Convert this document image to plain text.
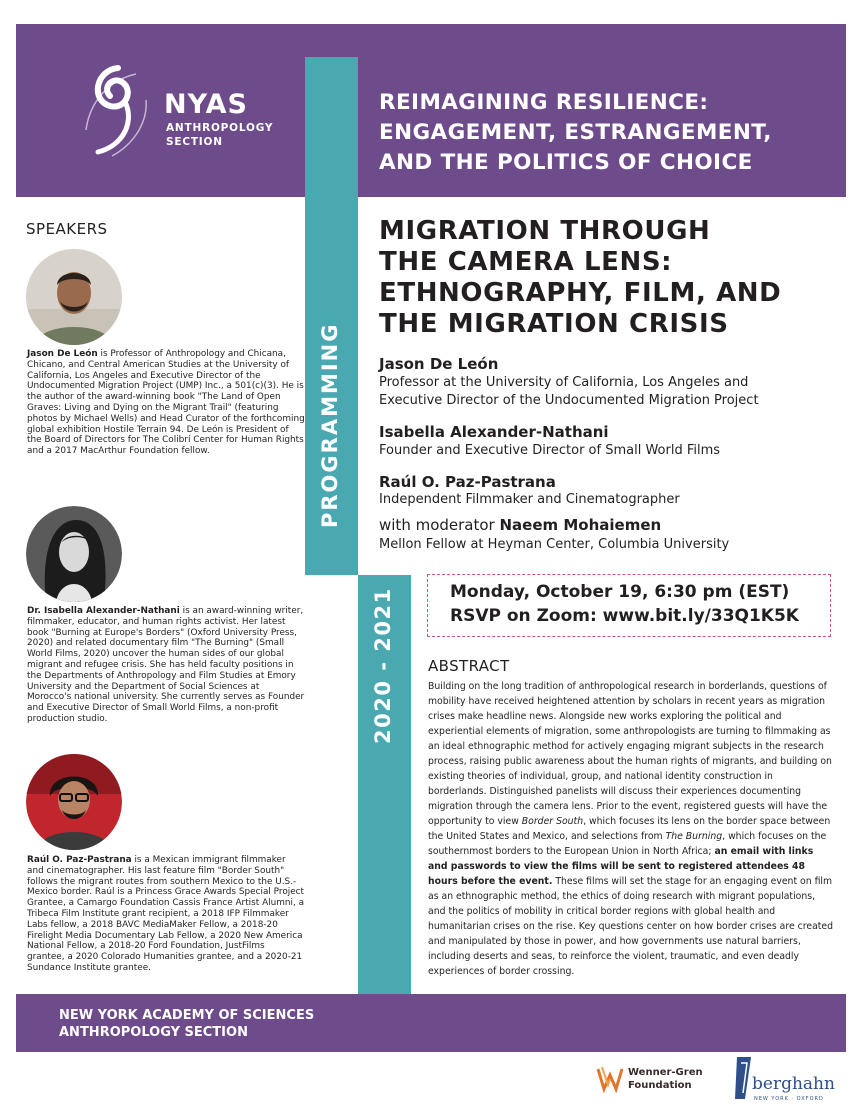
NYAS
ANTHROPOLOGY
SECTION
REIMAGINING RESILIENCE:
ENGAGEMENT, ESTRANGEMENT,
AND THE POLITICS OF CHOICE
PROGRAMMING
2020 - 2021
SPEAKERS
Jason De León is Professor of Anthropology and Chicana, Chicano, and Central American Studies at the University of California, Los Angeles and Executive Director of the Undocumented Migration Project (UMP) Inc., a 501(c)(3). He is the author of the award-winning book "The Land of Open Graves: Living and Dying on the Migrant Trail" (featuring photos by Michael Wells) and Head Curator of the forthcoming global exhibition Hostile Terrain 94. De León is President of the Board of Directors for The Colibrí Center for Human Rights and a 2017 MacArthur Foundation fellow.
Dr. Isabella Alexander-Nathani is an award-winning writer, filmmaker, educator, and human rights activist. Her latest book "Burning at Europe's Borders" (Oxford University Press, 2020) and related documentary film "The Burning" (Small World Films, 2020) uncover the human sides of our global migrant and refugee crisis. She has held faculty positions in the Departments of Anthropology and Film Studies at Emory University and the Department of Social Sciences at Morocco's national university. She currently serves as Founder and Executive Director of Small World Films, a non-profit production studio.
Raúl O. Paz-Pastrana is a Mexican immigrant filmmaker and cinematographer. His last feature film "Border South" follows the migrant routes from southern Mexico to the U.S.-Mexico border. Raúl is a Princess Grace Awards Special Project Grantee, a Camargo Foundation Cassis France Artist Alumni, a Tribeca Film Institute grant recipient, a 2018 IFP Filmmaker Labs fellow, a 2018 BAVC MediaMaker Fellow, a 2018-20 Firelight Media Documentary Lab Fellow, a 2020 New America National Fellow, a 2018-20 Ford Foundation, JustFilms grantee, a 2020 Colorado Humanities grantee, and a 2020-21 Sundance Institute grantee.
MIGRATION THROUGH
THE CAMERA LENS:
ETHNOGRAPHY, FILM, AND
THE MIGRATION CRISIS
Jason De León
Professor at the University of California, Los Angeles and
Executive Director of the Undocumented Migration Project
Isabella Alexander-Nathani
Founder and Executive Director of Small World Films
Raúl O. Paz-Pastrana
Independent Filmmaker and Cinematographer
with moderator Naeem Mohaiemen
Mellon Fellow at Heyman Center, Columbia University
Monday, October 19, 6:30 pm (EST)
RSVP on Zoom: www.bit.ly/33Q1K5K
ABSTRACT
Building on the long tradition of anthropological research in borderlands, questions of mobility have received heightened attention by scholars in recent years as migration crises make headline news. Alongside new works exploring the political and experiential elements of migration, some anthropologists are turning to filmmaking as an ideal ethnographic method for actively engaging migrant subjects in the research process, raising public awareness about the human rights of migrants, and building on existing theories of individual, group, and national identity construction in borderlands. Distinguished panelists will discuss their experiences documenting migration through the camera lens. Prior to the event, registered guests will have the opportunity to view Border South, which focuses its lens on the border space between the United States and Mexico, and selections from The Burning, which focuses on the southernmost borders to the European Union in North Africa; an email with links and passwords to view the films will be sent to registered attendees 48 hours before the event. These films will set the stage for an engaging event on film as an ethnographic method, the ethics of doing research with migrant populations, and the politics of mobility in critical border regions with global health and humanitarian crises on the rise. Key questions center on how border crises are created and manipulated by those in power, and how governments use natural barriers, including deserts and seas, to reinforce the violent, traumatic, and even deadly experiences of border crossing.
NEW YORK ACADEMY OF SCIENCES
ANTHROPOLOGY SECTION
Wenner-Gren
Foundation	berghahn
NEW YORK · OXFORD
